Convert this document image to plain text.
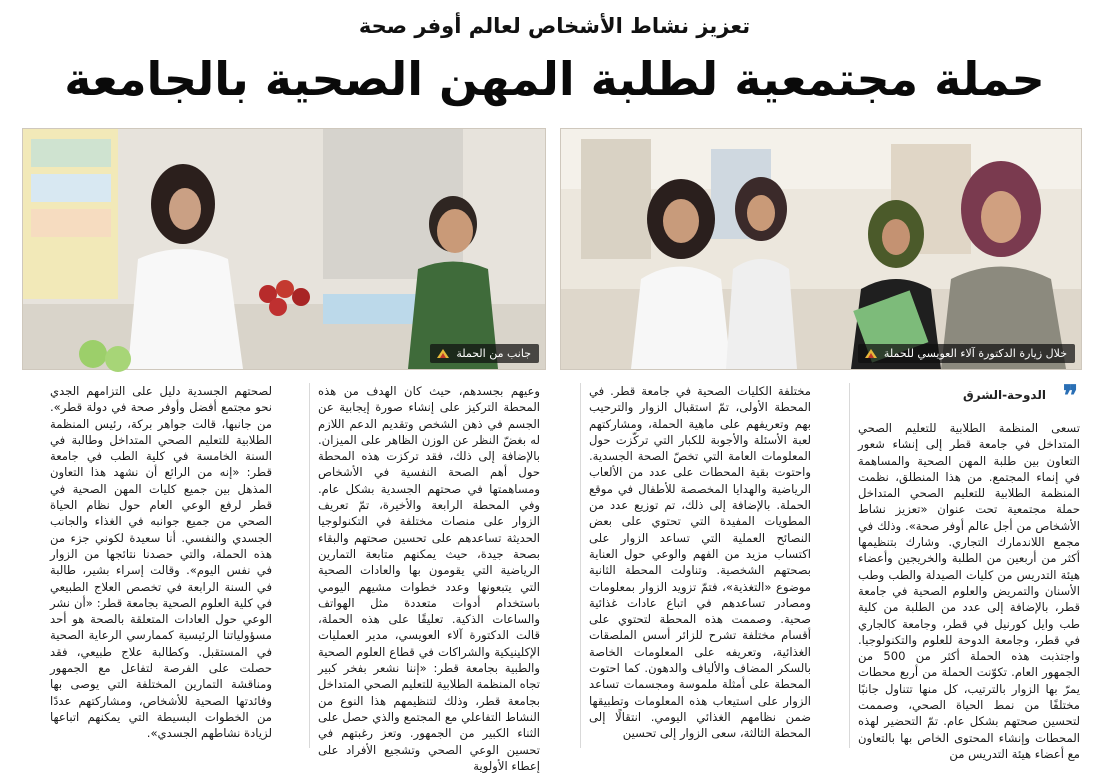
تعزيز نشاط الأشخاص لعالم أوفر صحة
حملة مجتمعية لطلبة المهن الصحية بالجامعة
خلال زيارة الدكتورة آلاء العويسي للحملة
جانب من الحملة
❞
الدوحة-الشرق

تسعى المنظمة الطلابية للتعليم الصحي المتداخل في جامعة قطر إلى إنشاء شعور التعاون بين طلبة المهن الصحية والمساهمة في إنماء المجتمع. من هذا المنطلق، نظمت المنظمة الطلابية للتعليم الصحي المتداخل حملة مجتمعية تحت عنوان «تعزيز نشاط الأشخاص من أجل عالم أوفر صحة». وذلك في مجمع اللاندمارك التجاري. وشارك بتنظيمها أكثر من أربعين من الطلبة والخريجين وأعضاء هيئة التدريس من كليات الصيدلة والطب وطب الأسنان والتمريض والعلوم الصحية في جامعة قطر، بالإضافة إلى عدد من الطلبة من كلية طب وايل كورنيل في قطر، وجامعة كالجاري في قطر، وجامعة الدوحة للعلوم والتكنولوجيا. واجتذبت هذه الحملة أكثر من 500 من الجمهور العام. تكوّنت الحملة من أربع محطات يمرّ بها الزوار بالترتيب، كل منها تتناول جانبًا مختلفًا من نمط الحياة الصحي، وصممت لتحسين صحتهم بشكل عام. تمّ التحضير لهذه المحطات وإنشاء المحتوى الخاص بها بالتعاون مع أعضاء هيئة التدريس من

مختلفة الكليات الصحية في جامعة قطر. في المحطة الأولى، تمّ استقبال الزوار والترحيب بهم وتعريفهم على ماهية الحملة، ومشاركتهم لعبة الأسئلة والأجوبة للكبار التي تركّزت حول المعلومات العامة التي تخصّ الصحة الجسدية. واحتوت بقية المحطات على عدد من الألعاب الرياضية والهدايا المخصصة للأطفال في موقع الحملة. بالإضافة إلى ذلك، تم توزيع عدد من المطويات المفيدة التي تحتوي على بعض النصائح العملية التي تساعد الزوار على اكتساب مزيد من الفهم والوعي حول العناية بصحتهم الشخصية. وتناولت المحطة الثانية موضوع «التغذية»، فتمّ تزويد الزوار بمعلومات ومصادر تساعدهم في اتباع عادات غذائية صحية. وصممت هذه المحطة لتحتوي على أقسام مختلفة تشرح للزائر أسس الملصقات الغذائية، وتعريفه على المعلومات الخاصة بالسكر المضاف والألياف والدهون. كما احتوت المحطة على أمثلة ملموسة ومجسمات تساعد الزوار على استيعاب هذه المعلومات وتطبيقها ضمن نظامهم الغذائي اليومي. انتقالًا إلى المحطة الثالثة، سعى الزوار إلى تحسين

وعيهم بجسدهم، حيث كان الهدف من هذه المحطة التركيز على إنشاء صورة إيجابية عن الجسم في ذهن الشخص وتقديم الدعم اللازم له بغضّ النظر عن الوزن الظاهر على الميزان. بالإضافة إلى ذلك، فقد تركزت هذه المحطة حول أهم الصحة النفسية في الأشخاص ومساهمتها في صحتهم الجسدية بشكل عام. وفي المحطة الرابعة والأخيرة، تمّ تعريف الزوار على منصات مختلفة في التكنولوجيا الحديثة تساعدهم على تحسين صحتهم والبقاء بصحة جيدة، حيث يمكنهم متابعة التمارين الرياضية التي يقومون بها والعادات الصحية التي يتبعونها وعدد خطوات مشيهم اليومي باستخدام أدوات متعددة مثل الهواتف والساعات الذكية. تعليقًا على هذه الحملة، قالت الدكتورة آلاء العويسي، مدير العمليات الإكلينيكية والشراكات في قطاع العلوم الصحية والطبية بجامعة قطر: «إننا نشعر بفخر كبير تجاه المنظمة الطلابية للتعليم الصحي المتداخل بجامعة قطر، وذلك لتنظيمهم هذا النوع من النشاط التفاعلي مع المجتمع والذي حصل على الثناء الكبير من الجمهور. وتعز رغبتهم في تحسين الوعي الصحي وتشجيع الأفراد على إعطاء الأولوية

لصحتهم الجسدية دليل على التزامهم الجدي نحو مجتمع أفضل وأوفر صحة في دولة قطر». من جانبها، قالت جواهر بركة، رئيس المنظمة الطلابية للتعليم الصحي المتداخل وطالبة في السنة الخامسة في كلية الطب في جامعة قطر: «إنه من الرائع أن نشهد هذا التعاون المذهل بين جميع كليات المهن الصحية في قطر لرفع الوعي العام حول نظام الحياة الصحي من جميع جوانبه في الغذاء والجانب الجسدي والنفسي. أنا سعيدة لكوني جزء من هذه الحملة، والتي حصدنا نتائجها من الزوار في نفس اليوم». وقالت إسراء بشير، طالبة في السنة الرابعة في تخصص العلاج الطبيعي في كلية العلوم الصحية بجامعة قطر: «أن نشر الوعي حول العادات المتعلقة بالصحة هو أحد مسؤولياتنا الرئيسية كممارسي الرعاية الصحية في المستقبل. وكطالبة علاج طبيعي، فقد حصلت على الفرصة لتفاعل مع الجمهور ومناقشة التمارين المختلفة التي يوصى بها وفائدتها الصحية للأشخاص، ومشاركتهم عددًا من الخطوات البسيطة التي يمكنهم اتباعها لزيادة نشاطهم الجسدي».
